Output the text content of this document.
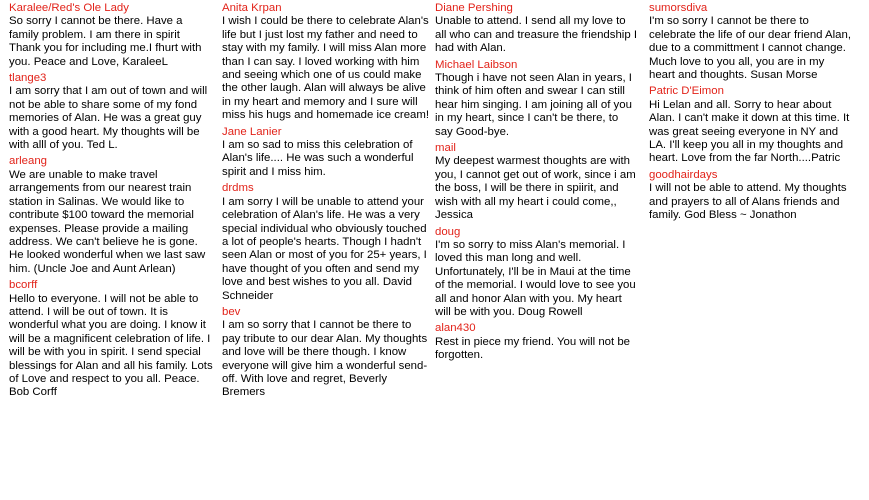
Karalee/Red's Ole Lady
So sorry I cannot be there. Have a family problem. I am there in spirit Thank you for including me.I fhurt with you. Peace and Love, KaraleeL
tlange3
I am sorry that I am out of town and will not be able to share some of my fond memories of Alan. He was a great guy with a good heart. My thoughts will be with alll of you. Ted L.
arleang
We are unable to make travel arrangements from our nearest train station in Salinas. We would like to contribute $100 toward the memorial expenses. Please provide a mailing address. We can't believe he is gone. He looked wonderful when we last saw him. (Uncle Joe and Aunt Arlean)
bcorff
Hello to everyone. I will not be able to attend. I will be out of town. It is wonderful what you are doing. I know it will be a magnificent celebration of life. I will be with you in spirit. I send special blessings for Alan and all his family. Lots of Love and respect to you all. Peace. Bob Corff
Anita Krpan
I wish I could be there to celebrate Alan's life but I just lost my father and need to stay with my family. I will miss Alan more than I can say. I loved working with him and seeing which one of us could make the other laugh. Alan will always be alive in my heart and memory and I sure will miss his hugs and homemade ice cream!
Jane Lanier
I am so sad to miss this celebration of Alan's life.... He was such a wonderful spirit and I miss him.
drdms
I am sorry I will be unable to attend your celebration of Alan's life. He was a very special individual who obviously touched a lot of people's hearts. Though I hadn't seen Alan or most of you for 25+ years, I have thought of you often and send my love and best wishes to you all. David Schneider
bev
I am so sorry that I cannot be there to pay tribute to our dear Alan. My thoughts and love will be there though. I know everyone will give him a wonderful send-off. With love and regret, Beverly Bremers
Diane Pershing
Unable to attend. I send all my love to all who can and treasure the friendship I had with Alan.
Michael Laibson
Though i have not seen Alan in years, I think of him often and swear I can still hear him singing. I am joining all of you in my heart, since I can't be there, to say Good-bye.
mail
My deepest warmest thoughts are with you, I cannot get out of work, since i am the boss, I will be there in spiirit, and wish with all my heart i could come,, Jessica
doug
I'm so sorry to miss Alan's memorial. I loved this man long and well. Unfortunately, I'll be in Maui at the time of the memorial. I would love to see you all and honor Alan with you. My heart will be with you. Doug Rowell
alan430
Rest in piece my friend. You will not be forgotten.
sumorsdiva
I'm so sorry I cannot be there to celebrate the life of our dear friend Alan, due to a committment I cannot change. Much love to you all, you are in my heart and thoughts. Susan Morse
Patric D'Eimon
Hi Lelan and all. Sorry to hear about Alan. I can't make it down at this time. It was great seeing everyone in NY and LA. I'll keep you all in my thoughts and heart. Love from the far North....Patric
goodhairdays
I will not be able to attend. My thoughts and prayers to all of Alans friends and family. God Bless ~ Jonathon
